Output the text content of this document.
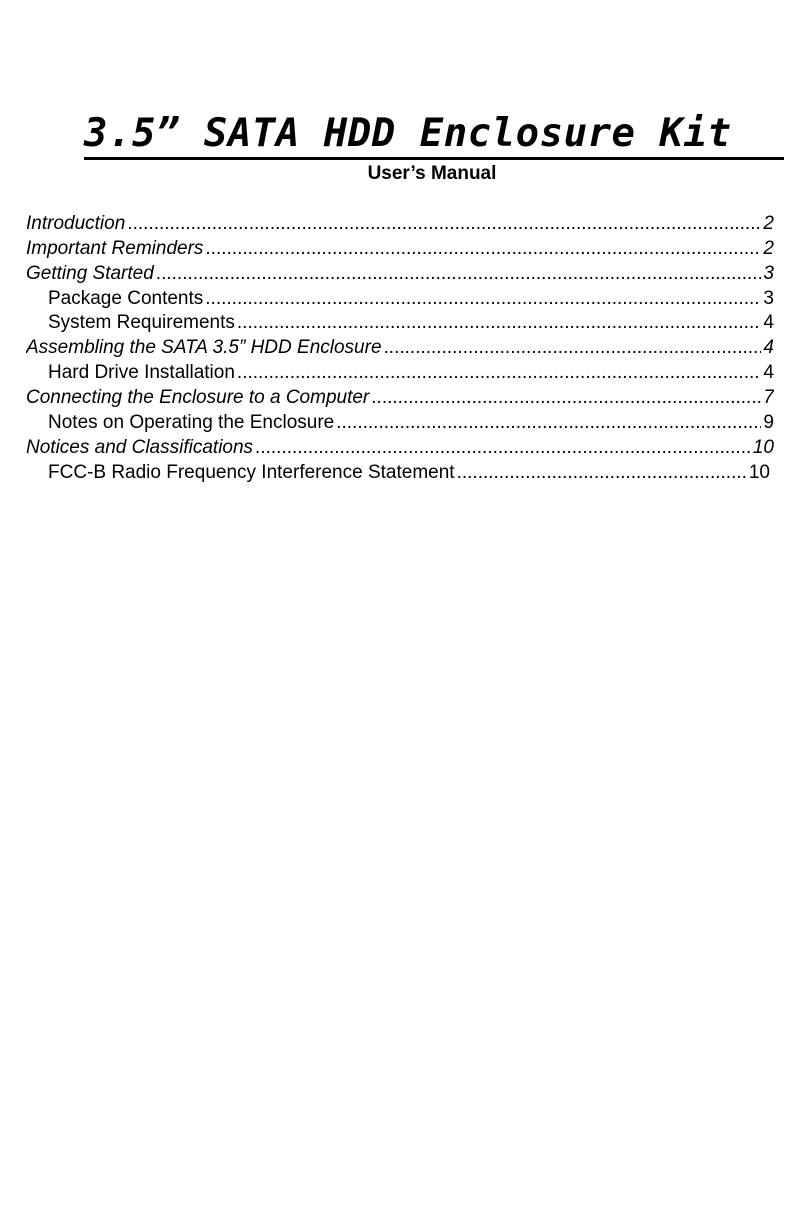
3.5” SATA HDD Enclosure Kit
User’s Manual
Introduction .....	2
Important Reminders .....	2
Getting Started .....	3
Package Contents .....	3
System Requirements .....	4
Assembling the SATA 3.5” HDD Enclosure .....	4
Hard Drive Installation .....	4
Connecting the Enclosure to a Computer .....	7
Notes on Operating the Enclosure .....	9
Notices and Classifications .....	10
FCC-B Radio Frequency Interference Statement .....	10
